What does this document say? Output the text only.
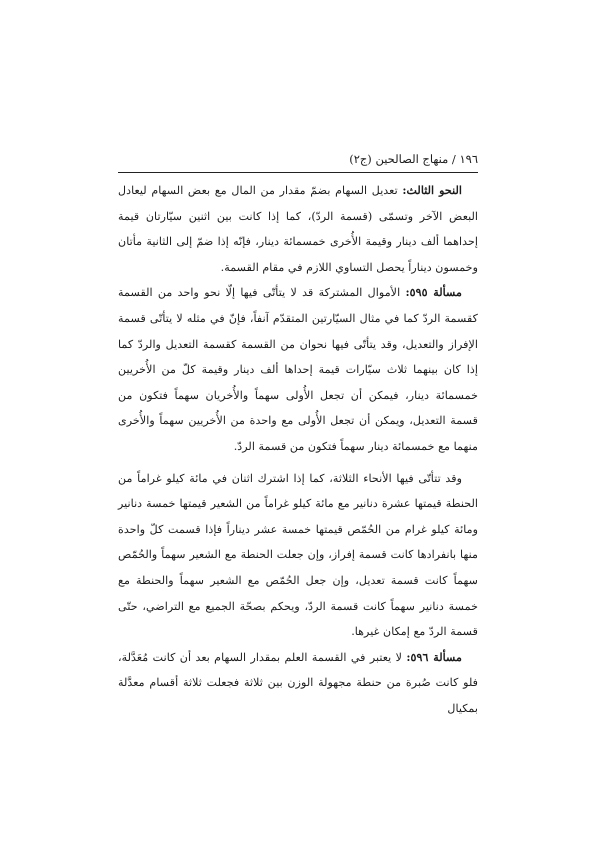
١٩٦ / منهاج الصالحين (ج٢)

النحو الثالث: تعديل السهام بضمّ مقدار من المال مع بعض السهام ليعادل البعض الآخر وتسمّى (قسمة الردّ)، كما إذا كانت بين اثنين سيّارتان قيمة إحداهما ألف دينار وقيمة الأُخرى خمسمائة دينار، فإنّه إذا ضمّ إلى الثانية مأتان وخمسون ديناراً يحصل التساوي اللازم في مقام القسمة.

مسألة ٥٩٥: الأموال المشتركة قد لا يتأتّى فيها إلّا نحو واحد من القسمة كقسمة الردّ كما في مثال السيّارتين المتقدّم آنفاً، فإنّ في مثله لا يتأتّى قسمة الإفراز والتعديل، وقد يتأتّى فيها نحوان من القسمة كقسمة التعديل والردّ كما إذا كان بينهما ثلاث سيّارات قيمة إحداها ألف دينار وقيمة كلّ من الأُخريين خمسمائة دينار، فيمكن أن تجعل الأُولى سهماً والأُخريان سهماً فتكون من قسمة التعديل، ويمكن أن تجعل الأُولى مع واحدة من الأُخريين سهماً والأُخرى منهما مع خمسمائة دينار سهماً فتكون من قسمة الردّ.

وقد تتأتّى فيها الأنحاء الثلاثة، كما إذا اشترك اثنان في مائة كيلو غراماً من الحنطة قيمتها عشرة دنانير مع مائة كيلو غراماً من الشعير قيمتها خمسة دنانير ومائة كيلو غرام من الحُمّص قيمتها خمسة عشر ديناراً فإذا قسمت كلّ واحدة منها بانفرادها كانت قسمة إفراز، وإن جعلت الحنطة مع الشعير سهماً والحُمّص سهماً كانت قسمة تعديل، وإن جعل الحُمّص مع الشعير سهماً والحنطة مع خمسة دنانير سهماً كانت قسمة الردّ، ويحكم بصحّة الجميع مع التراضي، حتّى قسمة الردّ مع إمكان غيرها.

مسألة ٥٩٦: لا يعتبر في القسمة العلم بمقدار السهام بعد أن كانت مُعَدَّلة، فلو كانت صُبرة من حنطة مجهولة الوزن بين ثلاثة فجعلت ثلاثة أقسام معدَّلة بمكيال
